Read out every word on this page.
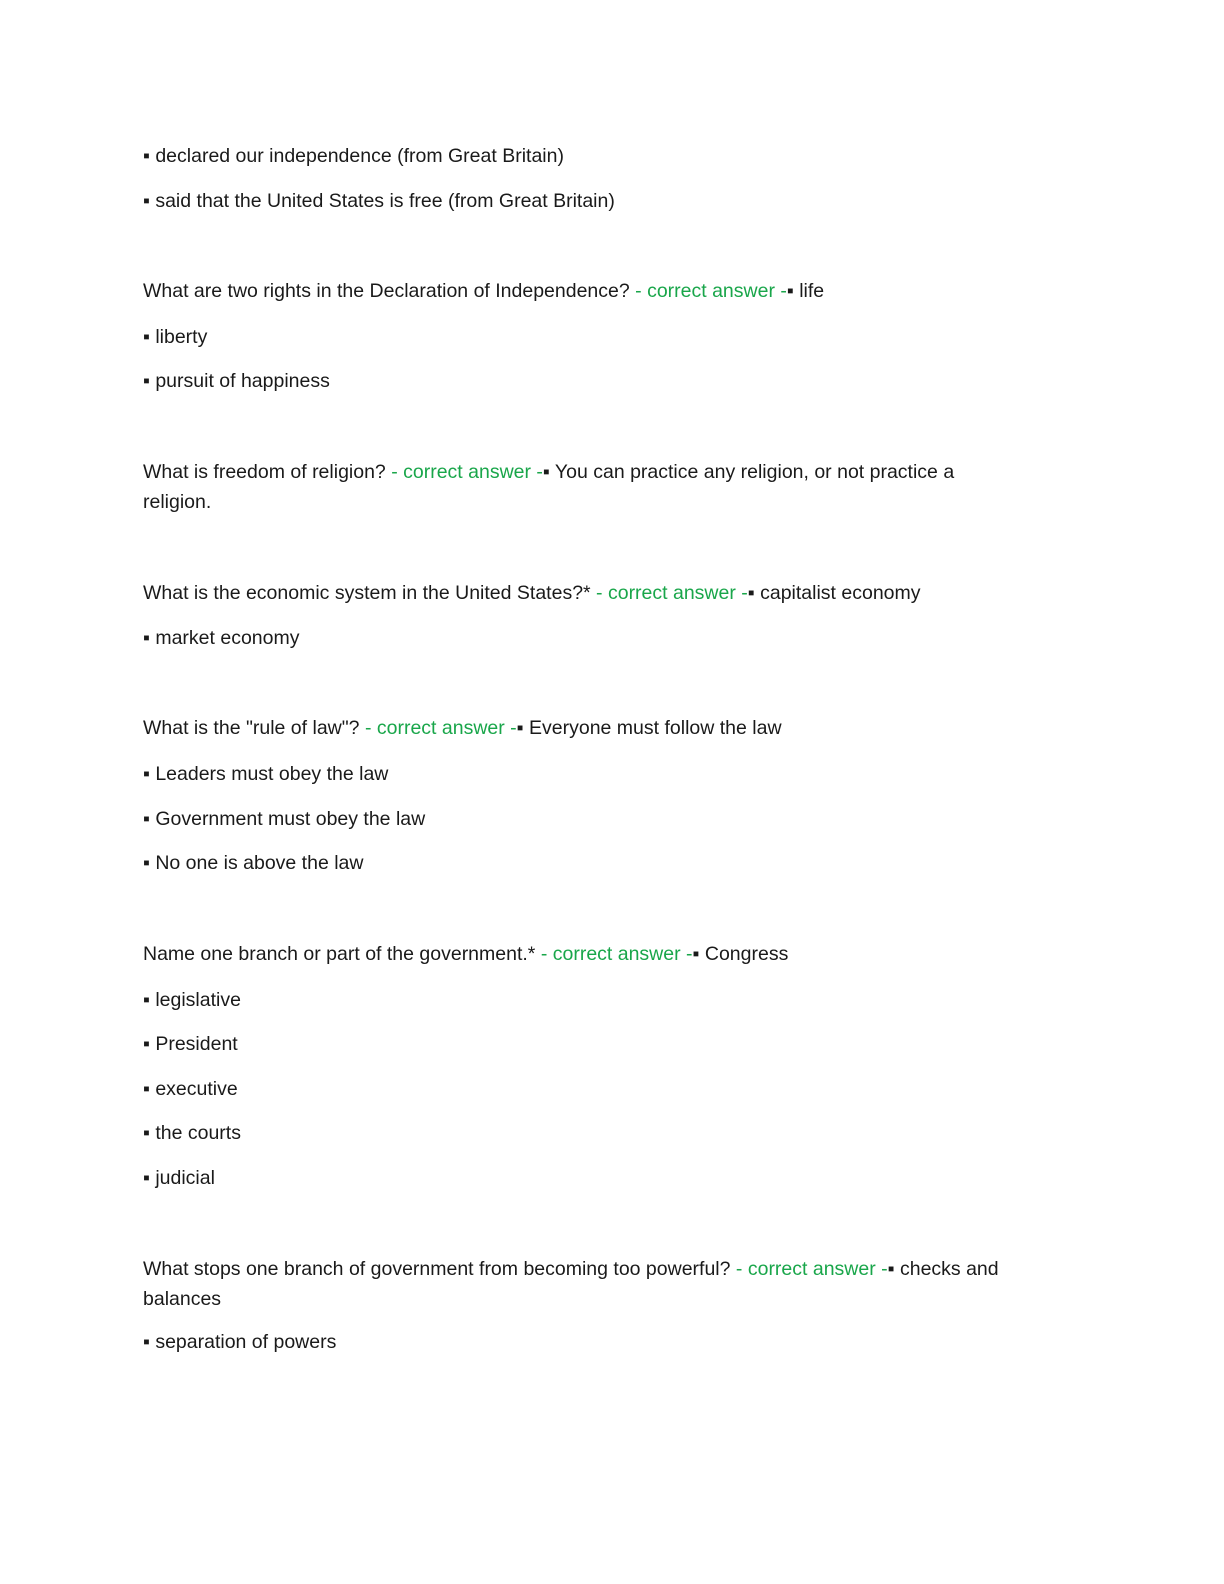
▪ declared our independence (from Great Britain)
▪ said that the United States is free (from Great Britain)
What are two rights in the Declaration of Independence? - correct answer -▪ life
▪ liberty
▪ pursuit of happiness
What is freedom of religion? - correct answer -▪ You can practice any religion, or not practice a religion.
What is the economic system in the United States?* - correct answer -▪ capitalist economy
▪ market economy
What is the "rule of law"? - correct answer -▪ Everyone must follow the law
▪ Leaders must obey the law
▪ Government must obey the law
▪ No one is above the law
Name one branch or part of the government.* - correct answer -▪ Congress
▪ legislative
▪ President
▪ executive
▪ the courts
▪ judicial
What stops one branch of government from becoming too powerful? - correct answer -▪ checks and balances
▪ separation of powers
